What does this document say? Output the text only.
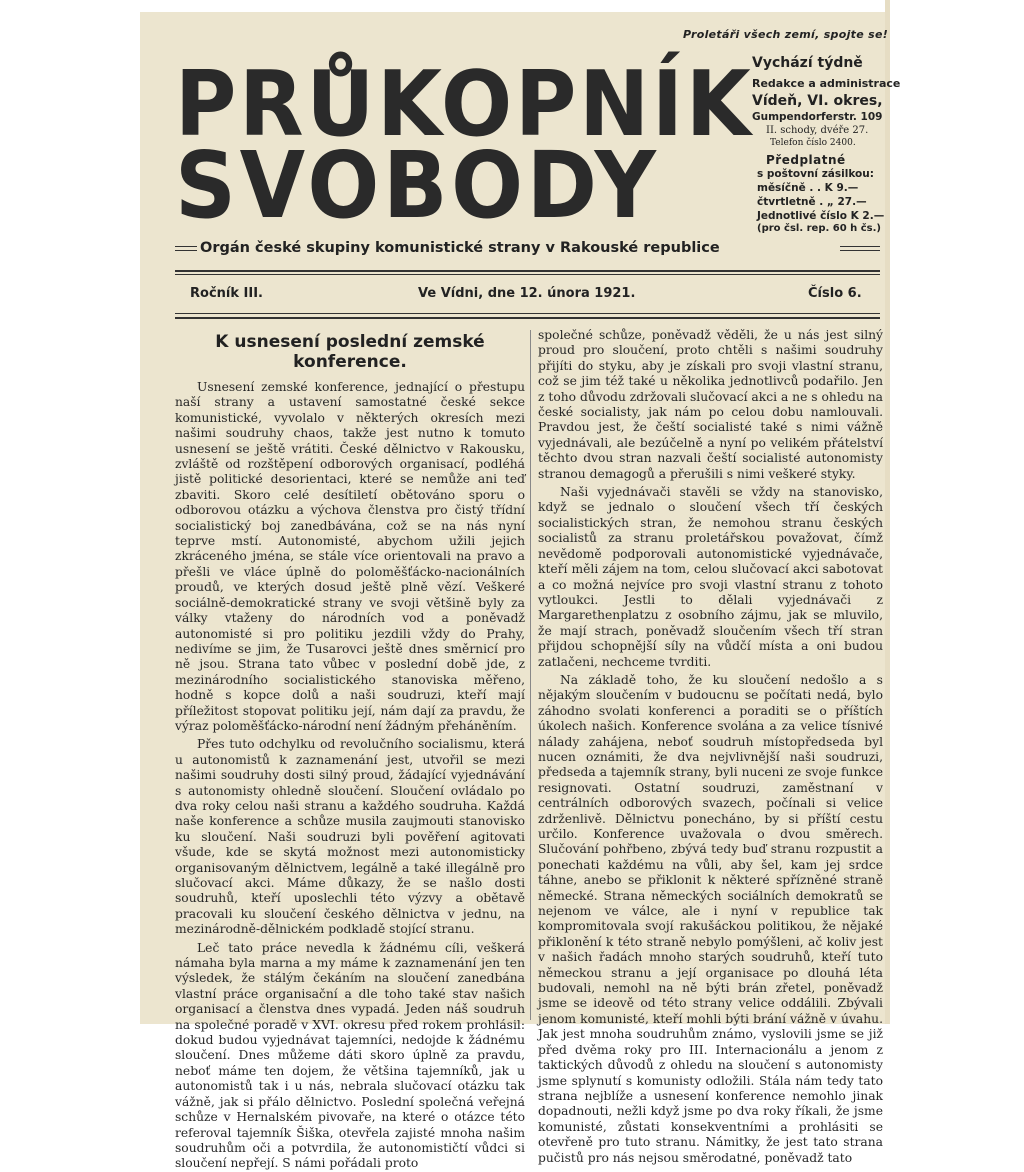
Proletáři všech zemí, spojte se!
PRŮKOPNÍK
SVOBODY
Vychází týdně
Redakce a administrace
Vídeň, VI. okres,
Gumpendorferstr. 109
II. schody, dvéře 27.
Telefon číslo 2400.
Předplatné
s poštovní zásilkou:
měsíčně . . K 9.—
čtvrtletně . „ 27.—
Jednotlivé číslo K 2.—
(pro čsl. rep. 60 h čs.)
Orgán české skupiny komunistické strany v Rakouské republice
Ročník III.	Ve Vídni, dne 12. února 1921.	Číslo 6.
K usnesení poslední zemské konference.

Usnesení zemské konference, jednající o přestupu naší strany a ustavení samostatné české sekce komunistické, vyvolalo v některých okresích mezi našimi soudruhy chaos, takže jest nutno k tomuto usnesení se ještě vrátiti. České dělnictvo v Rakousku, zvláště od rozštěpení odborových organisací, podléhá jistě politické desorientaci, které se nemůže ani teď zbaviti. Skoro celé desítiletí obětováno sporu o odborovou otázku a výchova členstva pro čistý třídní socialistický boj zanedbávána, což se na nás nyní teprve mstí. Autonomisté, abychom užili jejich zkráceného jména, se stále více orientovali na pravo a přešli ve vláce úplně do poloměšťácko-nacionálních proudů, ve kterých dosud ještě plně vězí. Veškeré sociálně-demokratické strany ve svoji většině byly za války vtaženy do národních vod a poněvadž autonomisté si pro politiku jezdili vždy do Prahy, nedivíme se jim, že Tusarovci ještě dnes směrnicí pro ně jsou. Strana tato vůbec v poslední době jde, z mezinárodního socialistického stanoviska měřeno, hodně s kopce dolů a naši soudruzi, kteří mají příležitost stopovat politiku její, nám dají za pravdu, že výraz poloměšťácko-národní není žádným přeháněním.

Přes tuto odchylku od revolučního socialismu, která u autonomistů k zaznamenání jest, utvořil se mezi našimi soudruhy dosti silný proud, žádající vyjednávání s autonomisty ohledně sloučení. Sloučení ovládalo po dva roky celou naši stranu a každého soudruha. Každá naše konference a schůze musila zaujmouti stanovisko ku sloučení. Naši soudruzi byli pověření agitovati všude, kde se skytá možnost mezi autonomisticky organisovaným dělnictvem, legálně a také illegálně pro slučovací akci. Máme důkazy, že se našlo dosti soudruhů, kteří uposlechli této výzvy a obětavě pracovali ku sloučení českého dělnictva v jednu, na mezinárodně-dělnickém podkladě stojící stranu.

Leč tato práce nevedla k žádnému cíli, veškerá námaha byla marna a my máme k zaznamenání jen ten výsledek, že stálým čekáním na sloučení zanedbána vlastní práce organisační a dle toho také stav našich organisací a členstva dnes vypadá. Jeden náš soudruh na společné poradě v XVI. okresu před rokem prohlásil: dokud budou vyjednávat tajemníci, nedojde k žádnému sloučení. Dnes můžeme dáti skoro úplně za pravdu, neboť máme ten dojem, že většina tajemníků, jak u autonomistů tak i u nás, nebrala slučovací otázku tak vážně, jak si přálo dělnictvo. Poslední společná veřejná schůze v Hernalském pivovaře, na které o otázce této referoval tajemník Šiška, otevřela zajisté mnoha našim soudruhům oči a potvrdila, že autonomističtí vůdci si sloučení nepřejí. S námi pořádali proto

společné schůze, poněvadž věděli, že u nás jest silný proud pro sloučení, proto chtěli s našimi soudruhy přijíti do styku, aby je získali pro svoji vlastní stranu, což se jim též také u několika jednotlivců podařilo. Jen z toho důvodu zdržovali slučovací akci a ne s ohledu na české socialisty, jak nám po celou dobu namlouvali. Pravdou jest, že čeští socialisté také s nimi vážně vyjednávali, ale bezúčelně a nyní po velikém přátelství těchto dvou stran nazvali čeští socialisté autonomisty stranou demagogů a přerušili s nimi veškeré styky.

Naši vyjednávači stavěli se vždy na stanovisko, když se jednalo o sloučení všech tří českých socialistických stran, že nemohou stranu českých socialistů za stranu proletářskou považovat, čímž nevědomě podporovali autonomistické vyjednávače, kteří měli zájem na tom, celou slučovací akci sabotovat a co možná nejvíce pro svoji vlastní stranu z tohoto vytloukci. Jestli to dělali vyjednávači z Margarethenplatzu z osobního zájmu, jak se mluvilo, že mají strach, poněvadž sloučením všech tří stran přijdou schopnější síly na vůdčí místa a oni budou zatlačeni, nechceme tvrditi.

Na základě toho, že ku sloučení nedošlo a s nějakým sloučením v budoucnu se počítati nedá, bylo záhodno svolati konferenci a poraditi se o příštích úkolech našich. Konference svolána a za velice tísnivé nálady zahájena, neboť soudruh místopředseda byl nucen oznámiti, že dva nejvlivnější naši soudruzi, předseda a tajemník strany, byli nuceni ze svoje funkce resignovati. Ostatní soudruzi, zaměstnaní v centrálních odborových svazech, počínali si velice zdrženlivě. Dělnictvu ponecháno, by si příští cestu určilo. Konference uvažovala o dvou směrech. Slučování pohřbeno, zbývá tedy buď stranu rozpustit a ponechati každému na vůli, aby šel, kam jej srdce táhne, anebo se přiklonit k některé spřízněné straně německé. Strana německých sociálních demokratů se nejenom ve válce, ale i nyní v republice tak kompromitovala svojí rakušáckou politikou, že nějaké přiklonění k této straně nebylo pomýšleni, ač koliv jest v našich řadách mnoho starých soudruhů, kteří tuto německou stranu a její organisace po dlouhá léta budovali, nemohl na ně býti brán zřetel, poněvadž jsme se ideově od této strany velice oddálili. Zbývali jenom komunisté, kteří mohli býti brání vážně v úvahu. Jak jest mnoha soudruhům známo, vyslovili jsme se již před dvěma roky pro III. Internacionálu a jenom z taktických důvodů z ohledu na sloučení s autonomisty jsme splynutí s komunisty odložili. Stála nám tedy tato strana nejblíže a usnesení konference nemohlo jinak dopadnouti, nežli když jsme po dva roky říkali, že jsme komunisté, zůstati konsekventními a prohlásiti se otevřeně pro tuto stranu. Námitky, že jest tato strana pučistů pro nás nejsou směrodatné, poněvadž tato
